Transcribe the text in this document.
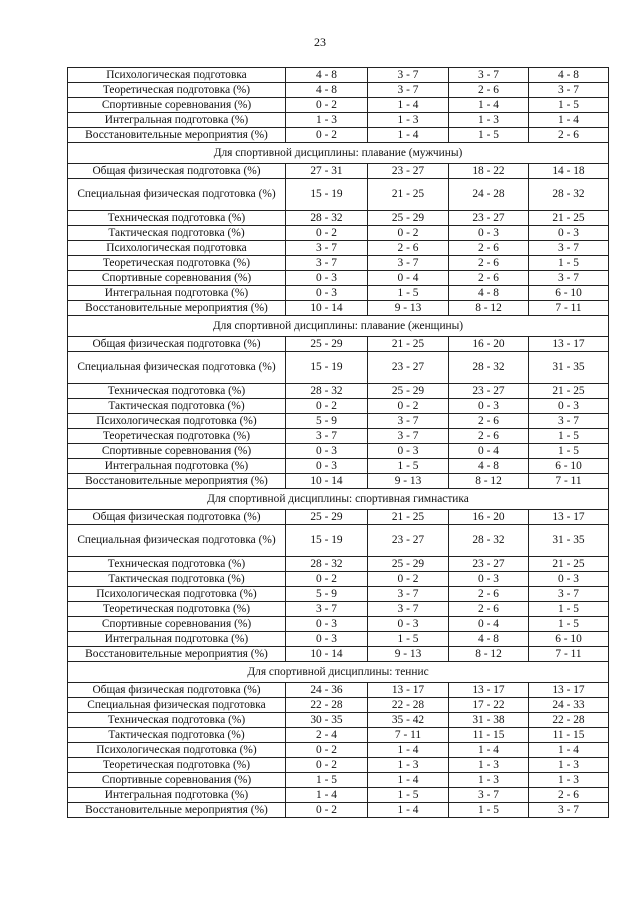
23
Психологическая подготовка	4 - 8	3 - 7	3 - 7	4 - 8
Теоретическая подготовка (%)	4 - 8	3 - 7	2 - 6	3 - 7
Спортивные соревнования (%)	0 - 2	1 - 4	1 - 4	1 - 5
Интегральная подготовка (%)	1 - 3	1 - 3	1 - 3	1 - 4
Восстановительные мероприятия (%)	0 - 2	1 - 4	1 - 5	2 - 6
Для спортивной дисциплины: плавание (мужчины)				
Общая физическая подготовка (%)	27 - 31	23 - 27	18 - 22	14 - 18
Специальная физическая подготовка (%)	15 - 19	21 - 25	24 - 28	28 - 32
Техническая подготовка (%)	28 - 32	25 - 29	23 - 27	21 - 25
Тактическая подготовка (%)	0 - 2	0 - 2	0 - 3	0 - 3
Психологическая подготовка	3 - 7	2 - 6	2 - 6	3 - 7
Теоретическая подготовка (%)	3 - 7	3 - 7	2 - 6	1 - 5
Спортивные соревнования (%)	0 - 3	0 - 4	2 - 6	3 - 7
Интегральная подготовка (%)	0 - 3	1 - 5	4 - 8	6 - 10
Восстановительные мероприятия (%)	10 - 14	9 - 13	8 - 12	7 - 11
Для спортивной дисциплины: плавание (женщины)				
Общая физическая подготовка (%)	25 - 29	21 - 25	16 - 20	13 - 17
Специальная физическая подготовка (%)	15 - 19	23 - 27	28 - 32	31 - 35
Техническая подготовка (%)	28 - 32	25 - 29	23 - 27	21 - 25
Тактическая подготовка (%)	0 - 2	0 - 2	0 - 3	0 - 3
Психологическая подготовка (%)	5 - 9	3 - 7	2 - 6	3 - 7
Теоретическая подготовка (%)	3 - 7	3 - 7	2 - 6	1 - 5
Спортивные соревнования (%)	0 - 3	0 - 3	0 - 4	1 - 5
Интегральная подготовка (%)	0 - 3	1 - 5	4 - 8	6 - 10
Восстановительные мероприятия (%)	10 - 14	9 - 13	8 - 12	7 - 11
Для спортивной дисциплины: спортивная гимнастика				
Общая физическая подготовка (%)	25 - 29	21 - 25	16 - 20	13 - 17
Специальная физическая подготовка (%)	15 - 19	23 - 27	28 - 32	31 - 35
Техническая подготовка (%)	28 - 32	25 - 29	23 - 27	21 - 25
Тактическая подготовка (%)	0 - 2	0 - 2	0 - 3	0 - 3
Психологическая подготовка (%)	5 - 9	3 - 7	2 - 6	3 - 7
Теоретическая подготовка (%)	3 - 7	3 - 7	2 - 6	1 - 5
Спортивные соревнования (%)	0 - 3	0 - 3	0 - 4	1 - 5
Интегральная подготовка (%)	0 - 3	1 - 5	4 - 8	6 - 10
Восстановительные мероприятия (%)	10 - 14	9 - 13	8 - 12	7 - 11
Для спортивной дисциплины: теннис				
Общая физическая подготовка (%)	24 - 36	13 - 17	13 - 17	13 - 17
Специальная физическая подготовка	22 - 28	22 - 28	17 - 22	24 - 33
Техническая подготовка (%)	30 - 35	35 - 42	31 - 38	22 - 28
Тактическая подготовка (%)	2 - 4	7 - 11	11 - 15	11 - 15
Психологическая подготовка (%)	0 - 2	1 - 4	1 - 4	1 - 4
Теоретическая подготовка (%)	0 - 2	1 - 3	1 - 3	1 - 3
Спортивные соревнования (%)	1 - 5	1 - 4	1 - 3	1 - 3
Интегральная подготовка (%)	1 - 4	1 - 5	3 - 7	2 - 6
Восстановительные мероприятия (%)	0 - 2	1 - 4	1 - 5	3 - 7
